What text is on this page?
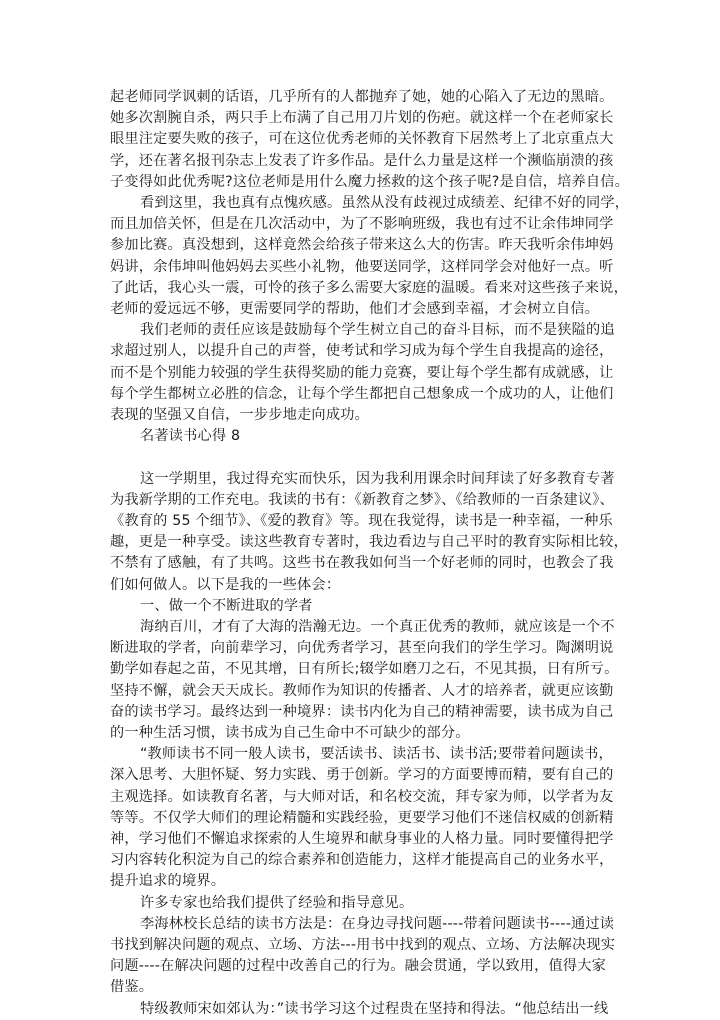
起老师同学讽刺的话语，几乎所有的人都抛弃了她，她的心陷入了无边的黑暗。
她多次割腕自杀，两只手上布满了自己用刀片划的伤疤。就这样一个在老师家长
眼里注定要失败的孩子，可在这位优秀老师的关怀教育下居然考上了北京重点大
学，还在著名报刊杂志上发表了许多作品。是什么力量是这样一个濒临崩溃的孩
子变得如此优秀呢?这位老师是用什么魔力拯救的这个孩子呢?是自信，培养自信。
看到这里，我也真有点愧疚感。虽然从没有歧视过成绩差、纪律不好的同学，
而且加倍关怀，但是在几次活动中，为了不影响班级，我也有过不让余伟坤同学
参加比赛。真没想到，这样竟然会给孩子带来这么大的伤害。昨天我听余伟坤妈
妈讲，余伟坤叫他妈妈去买些小礼物，他要送同学，这样同学会对他好一点。听
了此话，我心头一震，可怜的孩子多么需要大家庭的温暖。看来对这些孩子来说，
老师的爱远远不够，更需要同学的帮助，他们才会感到幸福，才会树立自信。
我们老师的责任应该是鼓励每个学生树立自己的奋斗目标，而不是狭隘的追
求超过别人，以提升自己的声誉，使考试和学习成为每个学生自我提高的途径，
而不是个别能力较强的学生获得奖励的能力竞赛，要让每个学生都有成就感，让
每个学生都树立必胜的信念，让每个学生都把自己想象成一个成功的人，让他们
表现的坚强又自信，一步步地走向成功。
名著读书心得 8
这一学期里，我过得充实而快乐，因为我利用课余时间拜读了好多教育专著
为我新学期的工作充电。我读的书有：《新教育之梦》、《给教师的一百条建议》、
《教育的 55 个细节》、《爱的教育》等。现在我觉得，读书是一种幸福，一种乐
趣，更是一种享受。读这些教育专著时，我边看边与自己平时的教育实际相比较，
不禁有了感触，有了共鸣。这些书在教我如何当一个好老师的同时，也教会了我
们如何做人。以下是我的一些体会：
一、做一个不断进取的学者
海纳百川，才有了大海的浩瀚无边。一个真正优秀的教师，就应该是一个不
断进取的学者，向前辈学习，向优秀者学习，甚至向我们的学生学习。陶渊明说
勤学如春起之苗，不见其增，日有所长;辍学如磨刀之石，不见其损，日有所亏。
坚持不懈，就会天天成长。教师作为知识的传播者、人才的培养者，就更应该勤
奋的读书学习。最终达到一种境界：读书内化为自己的精神需要，读书成为自己
的一种生活习惯，读书成为自己生命中不可缺少的部分。
“教师读书不同一般人读书，要活读书、读活书、读书活;要带着问题读书，
深入思考、大胆怀疑、努力实践、勇于创新。学习的方面要博而精，要有自己的
主观选择。如读教育名著，与大师对话，和名校交流，拜专家为师，以学者为友
等等。不仅学大师们的理论精髓和实践经验，更要学习他们不迷信权威的创新精
神，学习他们不懈追求探索的人生境界和献身事业的人格力量。同时要懂得把学
习内容转化积淀为自己的综合素养和创造能力，这样才能提高自己的业务水平，
提升追求的境界。
许多专家也给我们提供了经验和指导意见。
李海林校长总结的读书方法是：在身边寻找问题----带着问题读书----通过读
书找到解决问题的观点、立场、方法---用书中找到的观点、立场、方法解决现实
问题----在解决问题的过程中改善自己的行为。融会贯通，学以致用，值得大家
借鉴。
特级教师宋如郊认为：”读书学习这个过程贵在坚持和得法。“他总结出一线
